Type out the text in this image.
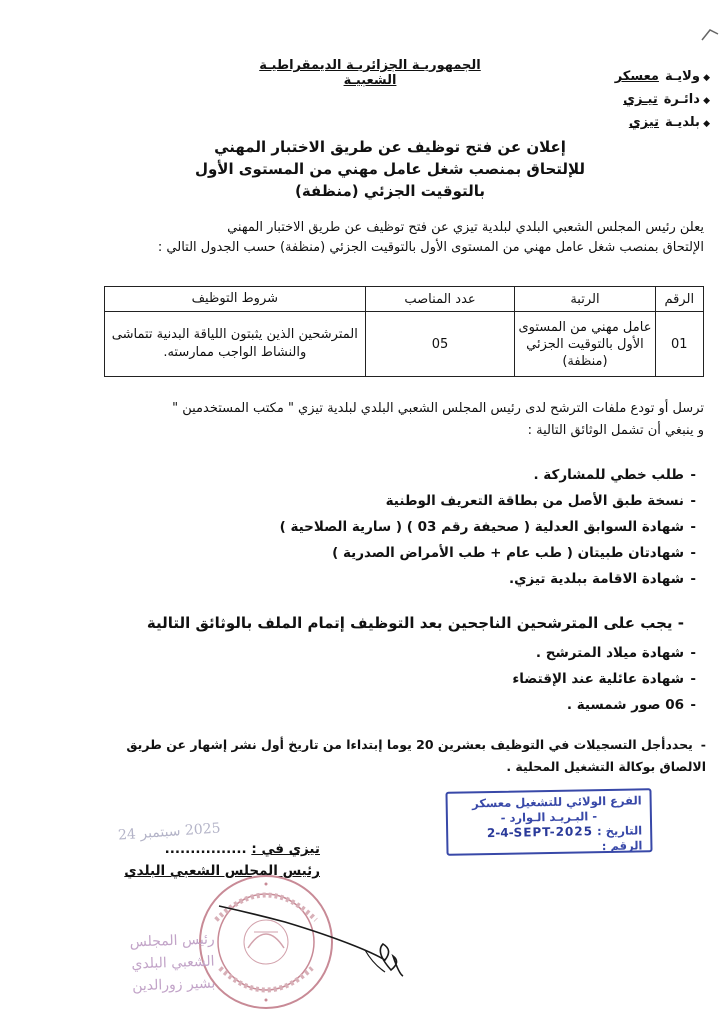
الجمهوريـة الجزائريـة الديمقراطيـة الشعبيـة	◆ ولايـة
معسكر
◆ دائـرة
تيـزي
◆ بلديـة
تيزي
إعلان عن فتح توظيف عن طريق الاختبار المهني
للإلتحاق بمنصب شغل عامل مهني من المستوى الأول
بالتوقيت الجزئي (منظفة)
يعلن رئيس المجلس الشعبي البلدي لبلدية تيزي عن فتح توظيف عن طريق الاختبار المهني
الإلتحاق بمنصب شغل عامل مهني من المستوى الأول بالتوقيت الجزئي (منظفة) حسب الجدول التالي :
الرقم	الرتبة	عدد المناصب	شروط التوظيف
01	عامل مهني من المستوى الأول بالتوقيت الجزئي (منظفة)	05	المترشحين الذين يثبتون اللياقة البدنية تتماشى والنشاط الواجب ممارسته.
ترسل أو تودع ملفات الترشح لدى رئيس المجلس الشعبي البلدي لبلدية تيزي " مكتب المستخدمين "
و ينبغي أن تشمل الوثائق التالية :
- طلب خطي للمشاركة .
- نسخة طبق الأصل من بطاقة التعريف الوطنية
- شهادة السوابق العدلية ( صحيفة رقم 03 ) ( سارية الصلاحية )
- شهادتان طبيتان ( طب عام + طب الأمراض الصدرية )
- شهادة الاقامة ببلدية تيزي.
- يجب على المترشحين الناجحين بعد التوظيف إتمام الملف بالوثائق التالية
- شهادة ميلاد المترشح .
- شهادة عائلية عند الإقتضاء
- 06 صور شمسية .
-يحددأجل التسجيلات في التوظيف بعشرين 20 يوما إبتداءا من تاريخ أول نشر إشهار عن طريق الالصاق بوكالة التشغيل المحلية .
الفرع الولائي للتشغيل معسكر
- البـريـد الـوارد -
التاريخ : 2-4-SEPT-2025
الرقم :
2025 سبتمبر 24
تيزي في : ................
رئيس المجلس الشعبي البلدي
رئيس المجلس الشعبي البلدي
بشير زورالدين
